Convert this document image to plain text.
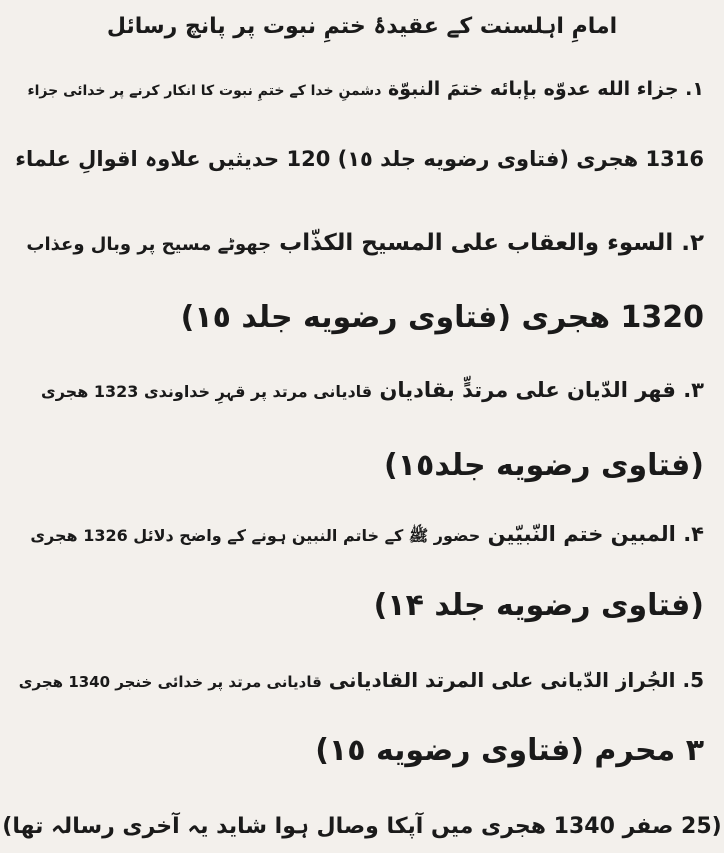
امامِ اہلسنت کے عقیدۂ ختمِ نبوت پر پانچ رسائل
١. جزاء الله عدوّه بإبائه ختمَ النبوّة دشمنِ خدا کے ختمِ نبوت کا انکار کرنے پر خدائی جزاء
1316 ھجری (فتاوی رضویه جلد ١٥) 120 حدیثیں علاوہ اقوالِ علماء
٢. السوء والعقاب على المسيح الكذّاب جھوٹے مسیح پر وبال وعذاب
1320 ھجری (فتاوی رضویه جلد ١٥)
٣. قهر الدّيان على مرتدٍّ بقاديان قادیانی مرتد پر قہرِ خداوندی 1323 ھجری
(فتاوی رضویه جلد١٥)
۴. المبين ختم النّبيّين حضور ﷺ کے خاتم النبین ہونے کے واضح دلائل 1326 ھجری
(فتاوی رضویه جلد ١۴)
5. الجُراز الدّيانى على المرتد القاديانى قادیانی مرتد پر خدائی خنجر 1340 ھجری
٣ محرم (فتاوی رضویه ١٥)
(25 صفر 1340 ھجری میں آپکا وصال ہوا شاید یہ آخری رسالہ تھا)
